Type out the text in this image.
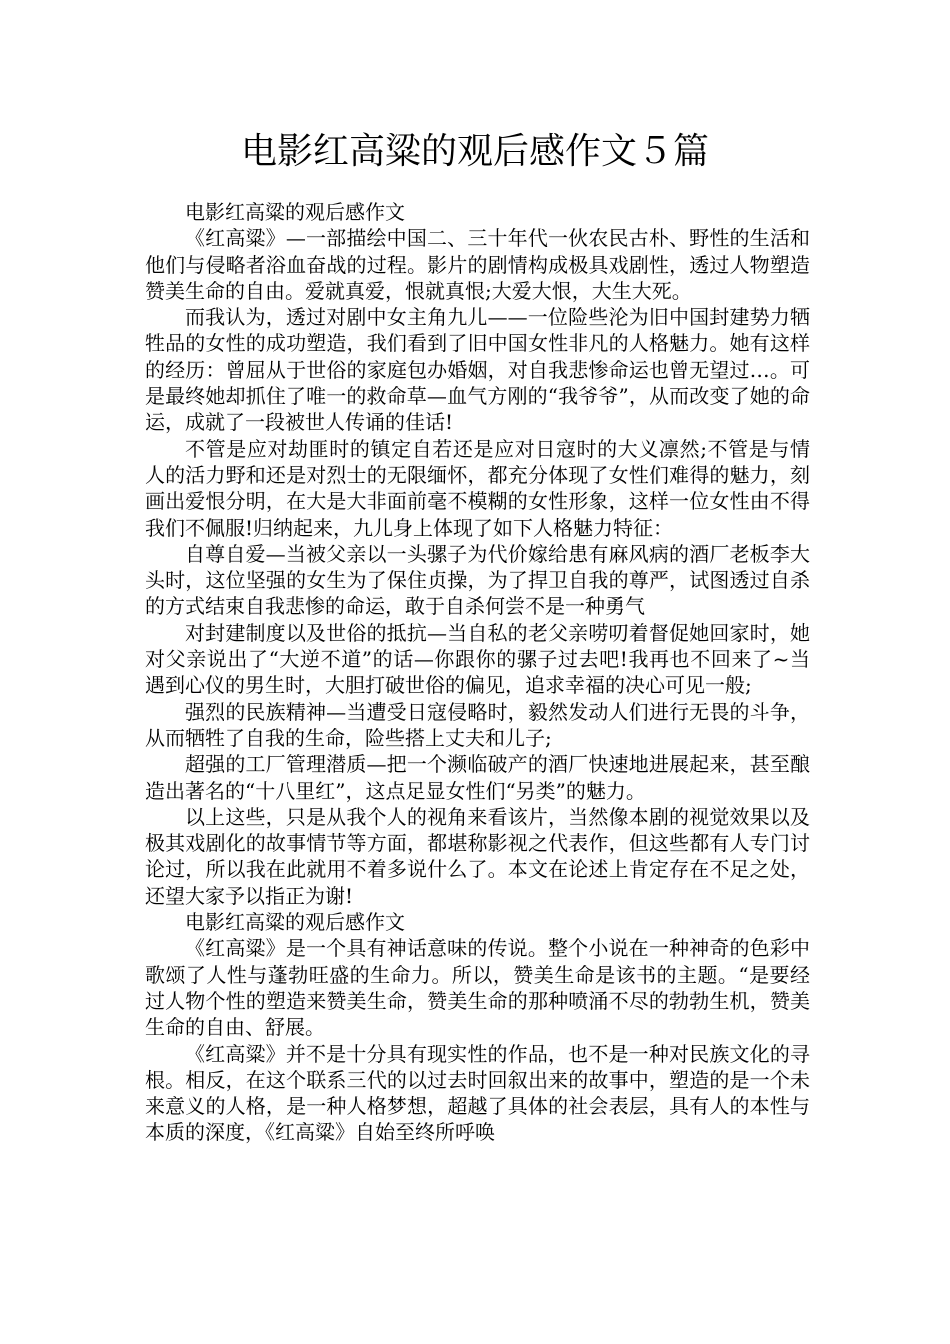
电影红高粱的观后感作文５篇

电影红高粱的观后感作文

《红高粱》—一部描绘中国二、三十年代一伙农民古朴、野性的生活和他们与侵略者浴血奋战的过程。影片的剧情构成极具戏剧性，透过人物塑造赞美生命的自由。爱就真爱，恨就真恨;大爱大恨，大生大死。

而我认为，透过对剧中女主角九儿——一位险些沦为旧中国封建势力牺牲品的女性的成功塑造，我们看到了旧中国女性非凡的人格魅力。她有这样的经历：曾屈从于世俗的家庭包办婚姻，对自我悲惨命运也曾无望过…。可是最终她却抓住了唯一的救命草—血气方刚的“我爷爷”，从而改变了她的命运，成就了一段被世人传诵的佳话!

不管是应对劫匪时的镇定自若还是应对日寇时的大义凛然;不管是与情人的活力野和还是对烈士的无限缅怀，都充分体现了女性们难得的魅力，刻画出爱恨分明，在大是大非面前毫不模糊的女性形象，这样一位女性由不得我们不佩服!归纳起来，九儿身上体现了如下人格魅力特征：

自尊自爱—当被父亲以一头骡子为代价嫁给患有麻风病的酒厂老板李大头时，这位坚强的女生为了保住贞操，为了捍卫自我的尊严，试图透过自杀的方式结束自我悲惨的命运，敢于自杀何尝不是一种勇气

对封建制度以及世俗的抵抗—当自私的老父亲唠叨着督促她回家时，她对父亲说出了“大逆不道”的话—你跟你的骡子过去吧!我再也不回来了~当遇到心仪的男生时，大胆打破世俗的偏见，追求幸福的决心可见一般;

强烈的民族精神—当遭受日寇侵略时，毅然发动人们进行无畏的斗争，从而牺牲了自我的生命，险些搭上丈夫和儿子;

超强的工厂管理潜质—把一个濒临破产的酒厂快速地进展起来，甚至酿造出著名的“十八里红”，这点足显女性们“另类”的魅力。

以上这些，只是从我个人的视角来看该片，当然像本剧的视觉效果以及极其戏剧化的故事情节等方面，都堪称影视之代表作，但这些都有人专门讨论过，所以我在此就用不着多说什么了。本文在论述上肯定存在不足之处，还望大家予以指正为谢!

电影红高粱的观后感作文

《红高粱》是一个具有神话意味的传说。整个小说在一种神奇的色彩中歌颂了人性与蓬勃旺盛的生命力。所以，赞美生命是该书的主题。“是要经过人物个性的塑造来赞美生命，赞美生命的那种喷涌不尽的勃勃生机，赞美生命的自由、舒展。

《红高粱》并不是十分具有现实性的作品，也不是一种对民族文化的寻根。相反，在这个联系三代的以过去时回叙出来的故事中，塑造的是一个未来意义的人格，是一种人格梦想，超越了具体的社会表层，具有人的本性与本质的深度，《红高粱》自始至终所呼唤
